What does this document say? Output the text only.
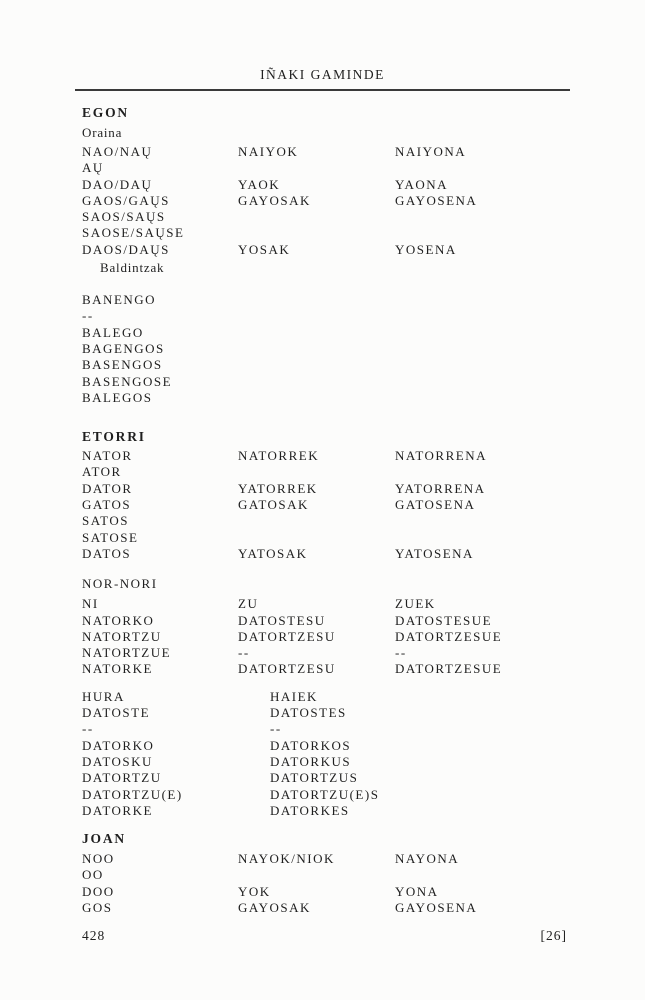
IÑAKI GAMINDE
EGON
Oraina
NAO/NAŲ	NAIYOK	NAIYONA
AŲ
DAO/DAŲ	YAOK	YAONA
GAOS/GAŲS	GAYOSAK	GAYOSENA
SAOS/SAŲS
SAOSE/SAŲSE
DAOS/DAŲS	YOSAK	YOSENA
Baldintzak
BANENGO
--
BALEGO
BAGENGOS
BASENGOS
BASENGOSE
BALEGOS
ETORRI
NATOR	NATORREK	NATORRENA
ATOR
DATOR	YATORREK	YATORRENA
GATOS	GATOSAK	GATOSENA
SATOS
SATOSE
DATOS	YATOSAK	YATOSENA
NOR-NORI
NI	ZU	ZUEK
NATORKO	DATOSTESU	DATOSTESUE
NATORTZU	DATORTZESU	DATORTZESUE
NATORTZUE	--	--
NATORKE	DATORTZESU	DATORTZESUE
HURA	HAIEK
DATOSTE	DATOSTES
--	--
DATORKO	DATORKOS
DATOSKU	DATORKUS
DATORTZU	DATORTZUS
DATORTZU(E)	DATORTZU(E)S
DATORKE	DATORKES
JOAN
NOO	NAYOK/NIOK	NAYONA
OO
DOO	YOK	YONA
GOS	GAYOSAK	GAYOSENA
428	[26]
